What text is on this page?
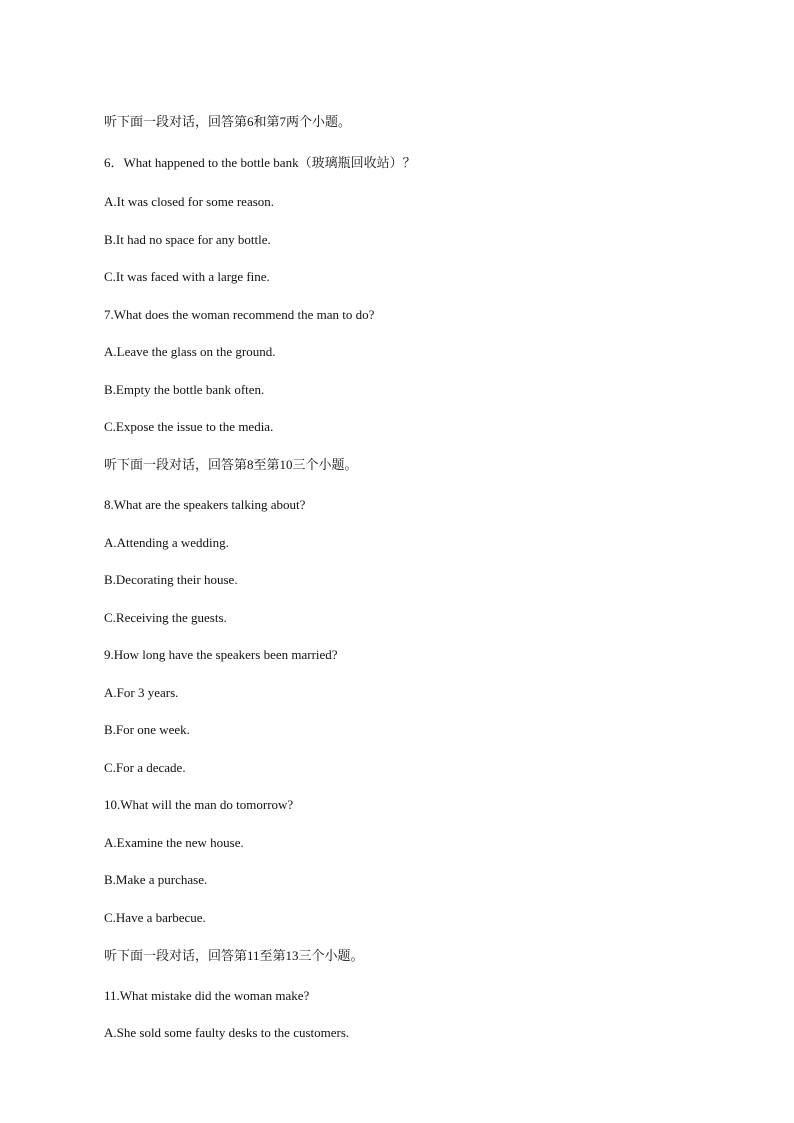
听下面一段对话，回答第6和第7两个小题。

6．What happened to the bottle bank（玻璃瓶回收站）？

A.It was closed for some reason.

B.It had no space for any bottle.

C.It was faced with a large fine.

7.What does the woman recommend the man to do?

A.Leave the glass on the ground.

B.Empty the bottle bank often.

C.Expose the issue to the media.

听下面一段对话，回答第8至第10三个小题。

8.What are the speakers talking about?

A.Attending a wedding.

B.Decorating their house.

C.Receiving the guests.

9.How long have the speakers been married?

A.For 3 years.

B.For one week.

C.For a decade.

10.What will the man do tomorrow?

A.Examine the new house.

B.Make a purchase.

C.Have a barbecue.

听下面一段对话，回答第11至第13三个小题。

11.What mistake did the woman make?

A.She sold some faulty desks to the customers.
